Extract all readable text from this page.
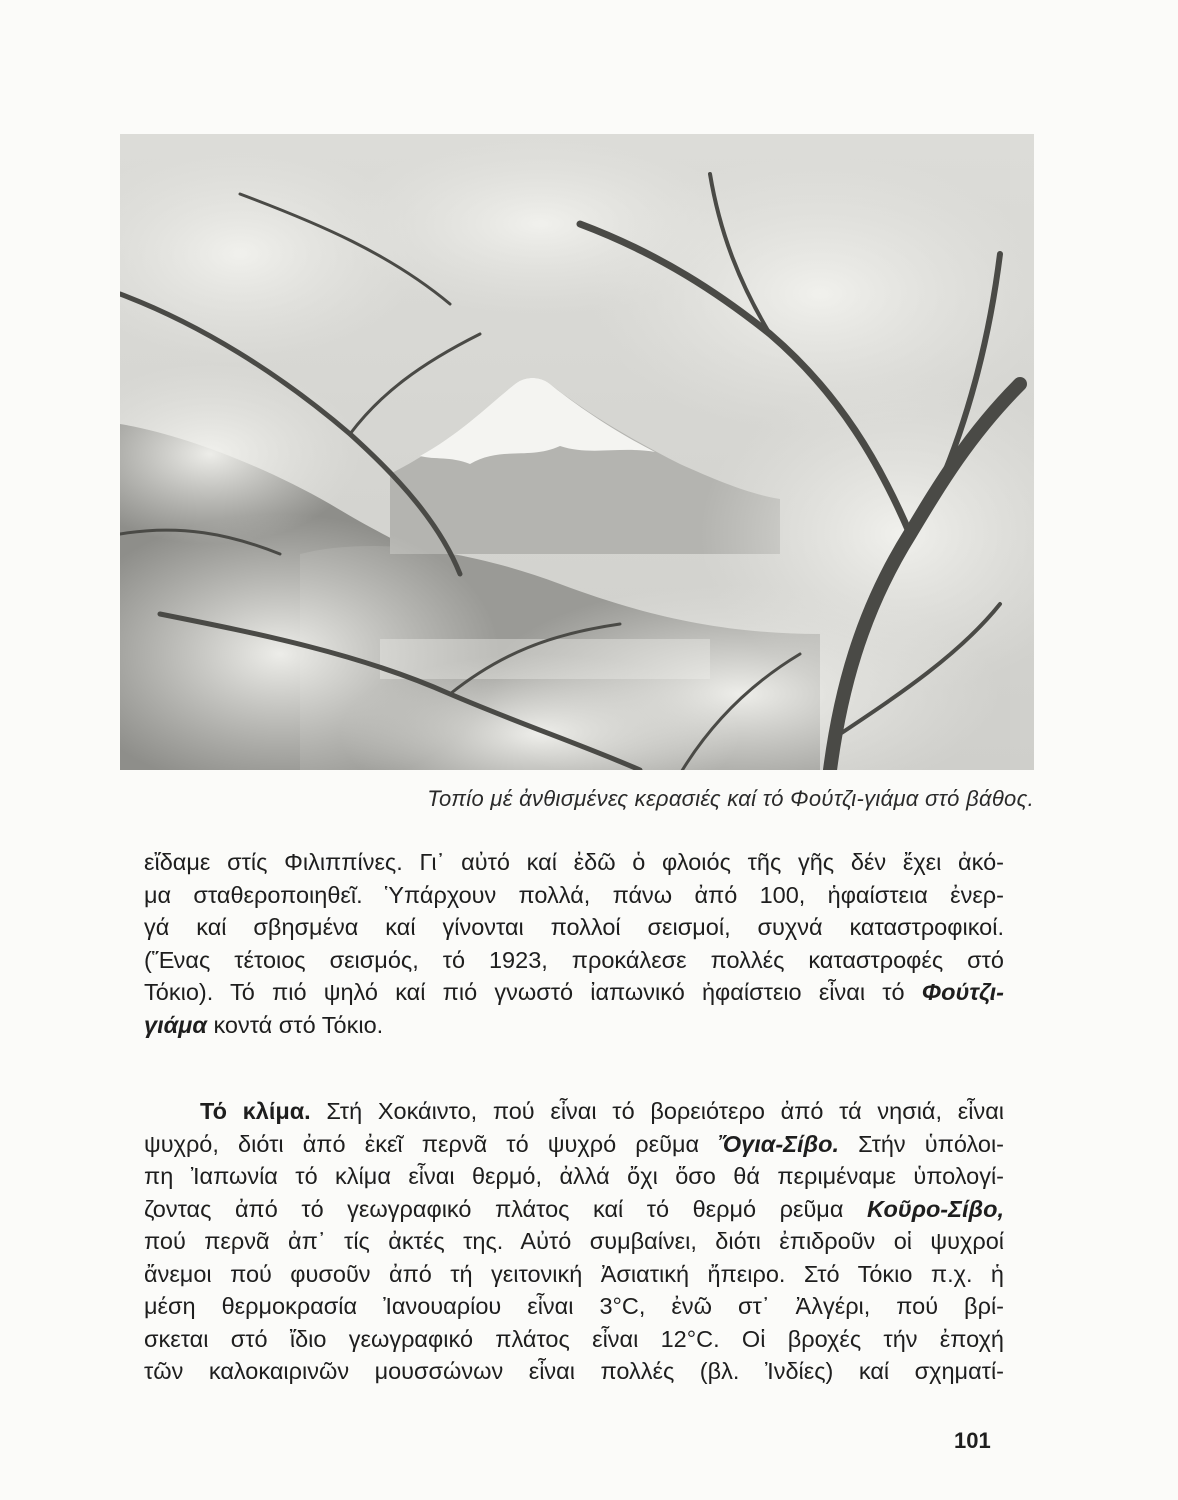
Τοπίο μέ ἀνθισμένες κερασιές καί τό Φούτζι-γιάμα στό βάθος.
εἴδαμε στίς Φιλιππίνες. Γι᾿ αὐτό καί ἐδῶ ὁ φλοιός τῆς γῆς δέν ἔχει ἀκό-
μα σταθεροποιηθεῖ. Ὑπάρχουν πολλά, πάνω ἀπό 100, ἡφαίστεια ἐνερ-
γά καί σβησμένα καί γίνονται πολλοί σεισμοί, συχνά καταστροφικοί.
(Ἕνας τέτοιος σεισμός, τό 1923, προκάλεσε πολλές καταστροφές στό
Τόκιο). Τό πιό ψηλό καί πιό γνωστό ἰαπωνικό ἡφαίστειο εἶναι τό Φούτζι-
γιάμα κοντά στό Τόκιο.
Τό κλίμα. Στή Χοκάιντο, πού εἶναι τό βορειότερο ἀπό τά νησιά, εἶναι
ψυχρό, διότι ἀπό ἐκεῖ περνᾶ τό ψυχρό ρεῦμα Ὄγια-Σίβο. Στήν ὑπόλοι-
πη Ἰαπωνία τό κλίμα εἶναι θερμό, ἀλλά ὄχι ὅσο θά περιμέναμε ὑπολογί-
ζοντας ἀπό τό γεωγραφικό πλάτος καί τό θερμό ρεῦμα Κοῦρο-Σίβο,
πού περνᾶ ἀπ᾿ τίς ἀκτές της. Αὐτό συμβαίνει, διότι ἐπιδροῦν οἱ ψυχροί
ἄνεμοι πού φυσοῦν ἀπό τή γειτονική Ἀσιατική ἤπειρο. Στό Τόκιο π.χ. ἡ
μέση θερμοκρασία Ἰανουαρίου εἶναι 3°C, ἐνῶ στ᾿ Ἀλγέρι, πού βρί-
σκεται στό ἴδιο γεωγραφικό πλάτος εἶναι 12°C. Οἱ βροχές τήν ἐποχή
τῶν καλοκαιρινῶν μουσσώνων εἶναι πολλές (βλ. Ἰνδίες) καί σχηματί-
101
